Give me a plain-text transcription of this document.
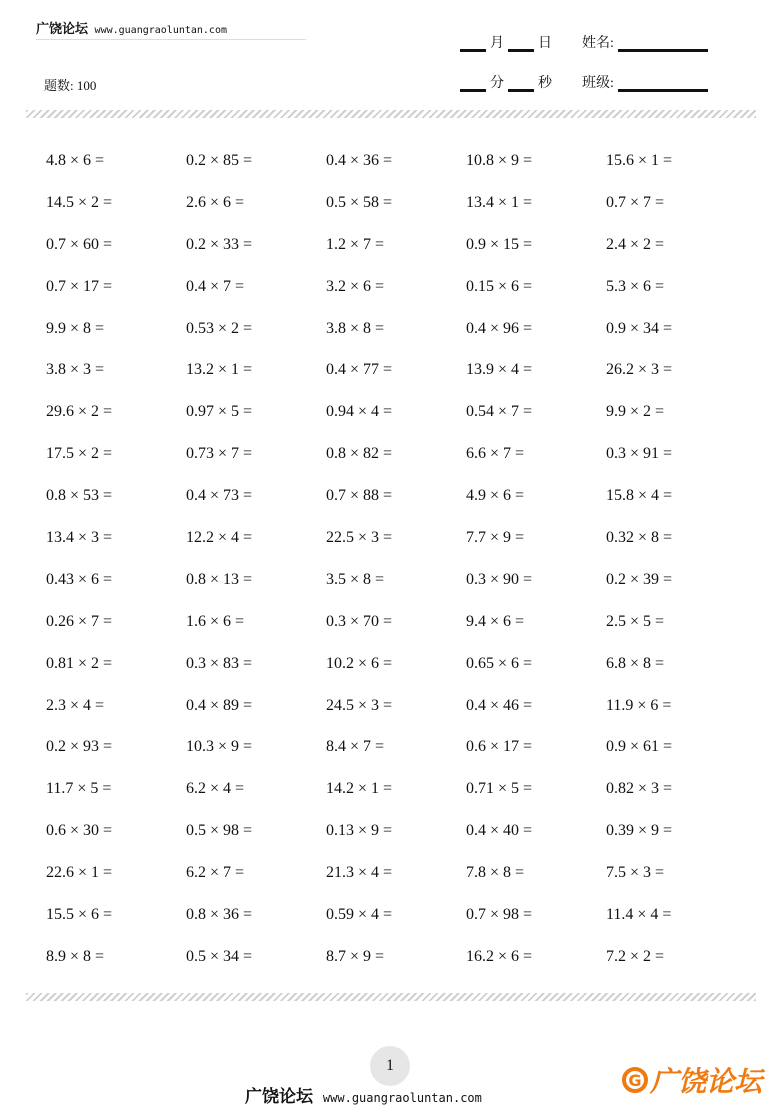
广饶论坛 www.guangraoluntan.com
题数: 100
月 日 姓名:
分 秒 班级:
4.8 × 6 =	0.2 × 85 =	0.4 × 36 =	10.8 × 9 =	15.6 × 1 =
14.5 × 2 =	2.6 × 6 =	0.5 × 58 =	13.4 × 1 =	0.7 × 7 =
0.7 × 60 =	0.2 × 33 =	1.2 × 7 =	0.9 × 15 =	2.4 × 2 =
0.7 × 17 =	0.4 × 7 =	3.2 × 6 =	0.15 × 6 =	5.3 × 6 =
9.9 × 8 =	0.53 × 2 =	3.8 × 8 =	0.4 × 96 =	0.9 × 34 =
3.8 × 3 =	13.2 × 1 =	0.4 × 77 =	13.9 × 4 =	26.2 × 3 =
29.6 × 2 =	0.97 × 5 =	0.94 × 4 =	0.54 × 7 =	9.9 × 2 =
17.5 × 2 =	0.73 × 7 =	0.8 × 82 =	6.6 × 7 =	0.3 × 91 =
0.8 × 53 =	0.4 × 73 =	0.7 × 88 =	4.9 × 6 =	15.8 × 4 =
13.4 × 3 =	12.2 × 4 =	22.5 × 3 =	7.7 × 9 =	0.32 × 8 =
0.43 × 6 =	0.8 × 13 =	3.5 × 8 =	0.3 × 90 =	0.2 × 39 =
0.26 × 7 =	1.6 × 6 =	0.3 × 70 =	9.4 × 6 =	2.5 × 5 =
0.81 × 2 =	0.3 × 83 =	10.2 × 6 =	0.65 × 6 =	6.8 × 8 =
2.3 × 4 =	0.4 × 89 =	24.5 × 3 =	0.4 × 46 =	11.9 × 6 =
0.2 × 93 =	10.3 × 9 =	8.4 × 7 =	0.6 × 17 =	0.9 × 61 =
11.7 × 5 =	6.2 × 4 =	14.2 × 1 =	0.71 × 5 =	0.82 × 3 =
0.6 × 30 =	0.5 × 98 =	0.13 × 9 =	0.4 × 40 =	0.39 × 9 =
22.6 × 1 =	6.2 × 7 =	21.3 × 4 =	7.8 × 8 =	7.5 × 3 =
15.5 × 6 =	0.8 × 36 =	0.59 × 4 =	0.7 × 98 =	11.4 × 4 =
8.9 × 8 =	0.5 × 34 =	8.7 × 9 =	16.2 × 6 =	7.2 × 2 =
1
广饶论坛 www.guangraoluntan.com
G 广饶论坛
